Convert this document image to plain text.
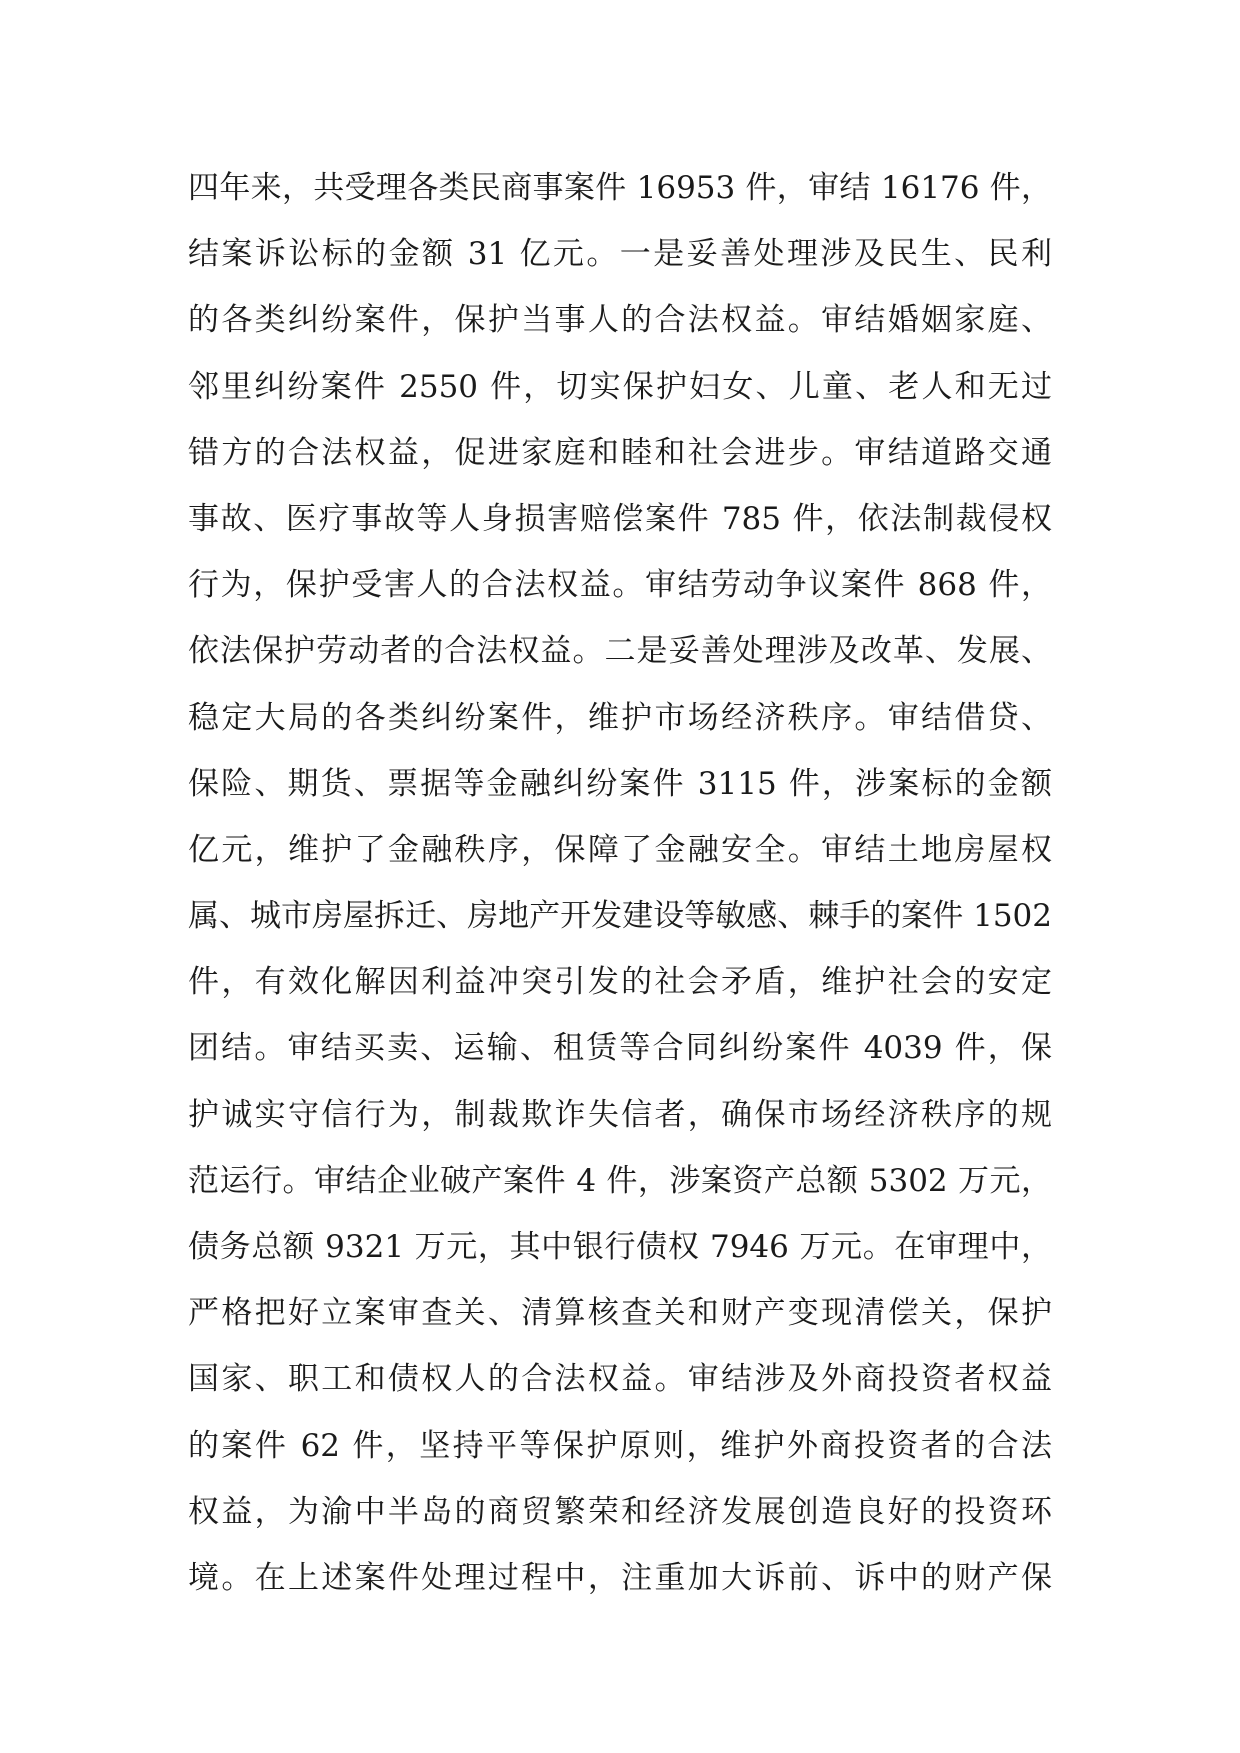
四年来，共受理各类民商事案件 16953 件，审结 16176 件，
结案诉讼标的金额 31 亿元。一是妥善处理涉及民生、民利
的各类纠纷案件，保护当事人的合法权益。审结婚姻家庭、
邻里纠纷案件 2550 件，切实保护妇女、儿童、老人和无过
错方的合法权益，促进家庭和睦和社会进步。审结道路交通
事故、医疗事故等人身损害赔偿案件 785 件，依法制裁侵权
行为，保护受害人的合法权益。审结劳动争议案件 868 件，
依法保护劳动者的合法权益。二是妥善处理涉及改革、发展、
稳定大局的各类纠纷案件，维护市场经济秩序。审结借贷、
保险、期货、票据等金融纠纷案件 3115 件，涉案标的金额
亿元，维护了金融秩序，保障了金融安全。审结土地房屋权
属、城市房屋拆迁、房地产开发建设等敏感、棘手的案件 1502
件，有效化解因利益冲突引发的社会矛盾，维护社会的安定
团结。审结买卖、运输、租赁等合同纠纷案件 4039 件，保
护诚实守信行为，制裁欺诈失信者，确保市场经济秩序的规
范运行。审结企业破产案件 4 件，涉案资产总额 5302 万元，
债务总额 9321 万元，其中银行债权 7946 万元。在审理中，
严格把好立案审查关、清算核查关和财产变现清偿关，保护
国家、职工和债权人的合法权益。审结涉及外商投资者权益
的案件 62 件，坚持平等保护原则，维护外商投资者的合法
权益，为渝中半岛的商贸繁荣和经济发展创造良好的投资环
境。在上述案件处理过程中，注重加大诉前、诉中的财产保
